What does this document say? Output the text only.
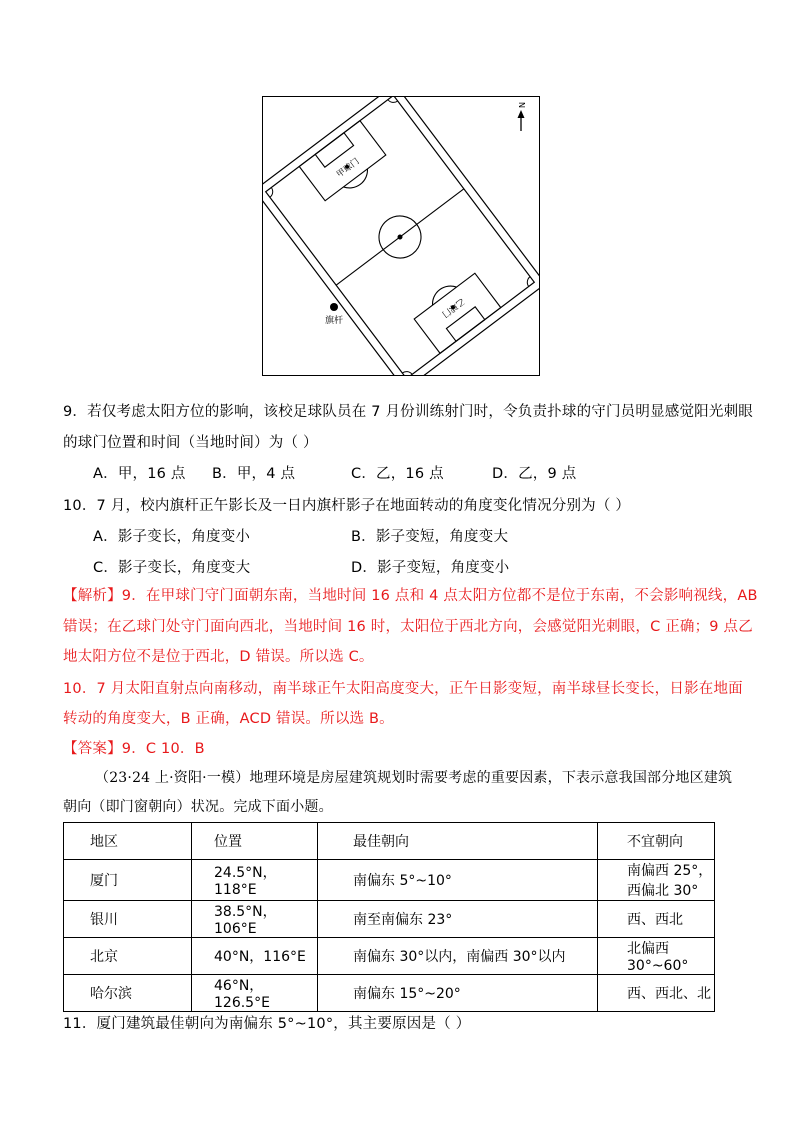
N
甲球门
乙球门
旗杆
9．若仅考虑太阳方位的影响，该校足球队员在 7 月份训练射门时，令负责扑球的守门员明显感觉阳光刺眼
的球门位置和时间（当地时间）为（ ）
A．甲，16 点 B．甲，4 点	C．乙，16 点	D．乙，9 点
10．7 月，校内旗杆正午影长及一日内旗杆影子在地面转动的角度变化情况分别为（ ）
A．影子变长，角度变小	B．影子变短，角度变大
C．影子变长，角度变大	D．影子变短，角度变小
【解析】9．在甲球门守门面朝东南，当地时间 16 点和 4 点太阳方位都不是位于东南，不会影响视线，AB
错误；在乙球门处守门面向西北，当地时间 16 时，太阳位于西北方向，会感觉阳光刺眼，C 正确；9 点乙
地太阳方位不是位于西北，D 错误。所以选 C。
10．7 月太阳直射点向南移动，南半球正午太阳高度变大，正午日影变短，南半球昼长变长，日影在地面
转动的角度变大，B 正确，ACD 错误。所以选 B。
【答案】9．C 10．B
（23·24 上·资阳·一模）地理环境是房屋建筑规划时需要考虑的重要因素，下表示意我国部分地区建筑
朝向（即门窗朝向）状况。完成下面小题。
地区	位置	最佳朝向	不宜朝向
厦门	24.5°N，118°E	南偏东 5°~10°	南偏西 25°，西偏北 30°
银川	38.5°N，106°E	南至南偏东 23°	西、西北
北京	40°N，116°E	南偏东 30°以内，南偏西 30°以内	北偏西 30°~60°
哈尔滨	46°N，126.5°E	南偏东 15°~20°	西、西北、北
11．厦门建筑最佳朝向为南偏东 5°~10°，其主要原因是（ ）
